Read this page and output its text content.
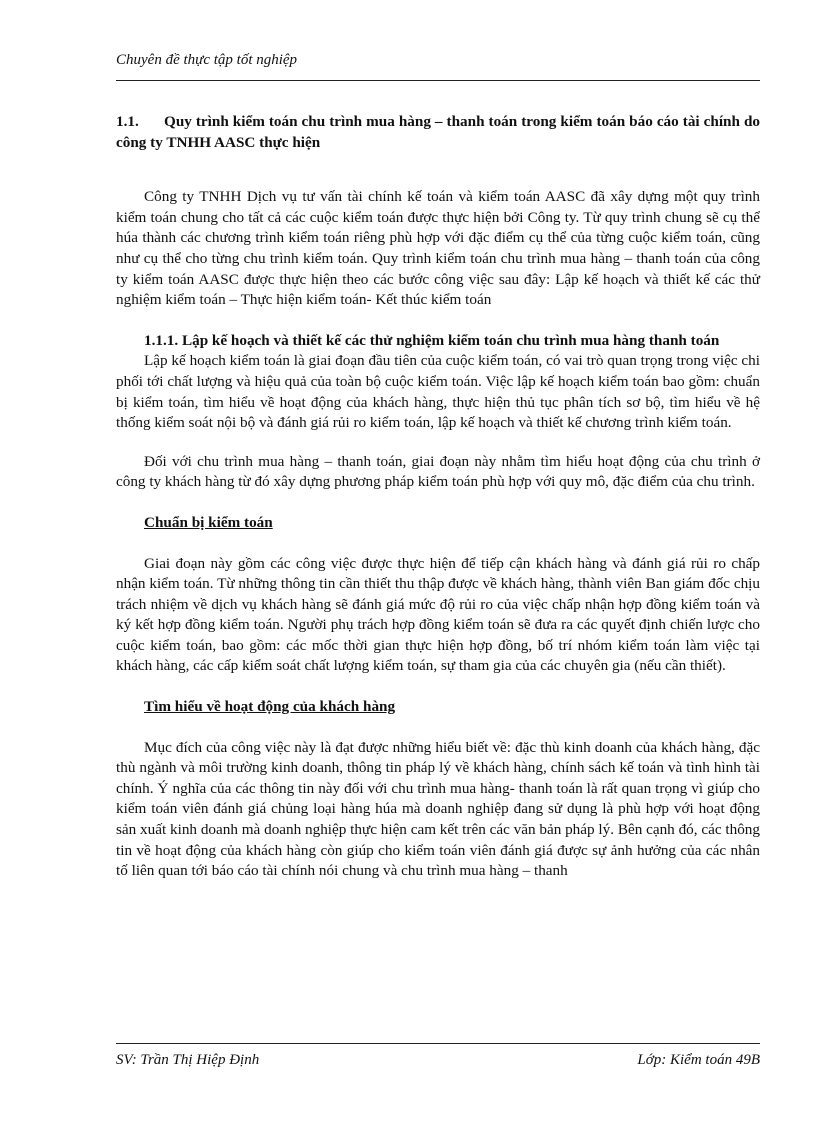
Chuyên đề thực tập tốt nghiệp

1.1. Quy trình kiểm toán chu trình mua hàng – thanh toán trong kiểm toán báo cáo tài chính do công ty TNHH AASC thực hiện

Công ty TNHH Dịch vụ tư vấn tài chính kế toán và kiểm toán AASC đã xây dựng một quy trình kiểm toán chung cho tất cả các cuộc kiểm toán được thực hiện bởi Công ty. Từ quy trình chung sẽ cụ thể húa thành các chương trình kiểm toán riêng phù hợp với đặc điểm cụ thể của từng cuộc kiểm toán, cũng như cụ thể cho từng chu trình kiểm toán. Quy trình kiểm toán chu trình mua hàng – thanh toán của công ty kiểm toán AASC được thực hiện theo các bước công việc sau đây: Lập kế hoạch và thiết kế các thử nghiệm kiểm toán – Thực hiện kiểm toán- Kết thúc kiểm toán

1.1.1. Lập kế hoạch và thiết kế các thử nghiệm kiểm toán chu trình mua hàng thanh toán

Lập kế hoạch kiểm toán là giai đoạn đầu tiên của cuộc kiểm toán, có vai trò quan trọng trong việc chi phối tới chất lượng và hiệu quả của toàn bộ cuộc kiểm toán. Việc lập kế hoạch kiểm toán bao gồm: chuẩn bị kiểm toán, tìm hiểu về hoạt động của khách hàng, thực hiện thủ tục phân tích sơ bộ, tìm hiểu về hệ thống kiểm soát nội bộ và đánh giá rủi ro kiểm toán, lập kế hoạch và thiết kế chương trình kiểm toán.

Đối với chu trình mua hàng – thanh toán, giai đoạn này nhằm tìm hiểu hoạt động của chu trình ở công ty khách hàng từ đó xây dựng phương pháp kiểm toán phù hợp với quy mô, đặc điểm của chu trình.

Chuẩn bị kiểm toán

Giai đoạn này gồm các công việc được thực hiện để tiếp cận khách hàng và đánh giá rủi ro chấp nhận kiểm toán. Từ những thông tin cần thiết thu thập được về khách hàng, thành viên Ban giám đốc chịu trách nhiệm về dịch vụ khách hàng sẽ đánh giá mức độ rủi ro của việc chấp nhận hợp đồng kiểm toán và ký kết hợp đồng kiểm toán. Người phụ trách hợp đồng kiểm toán sẽ đưa ra các quyết định chiến lược cho cuộc kiểm toán, bao gồm: các mốc thời gian thực hiện hợp đồng, bố trí nhóm kiểm toán làm việc tại khách hàng, các cấp kiểm soát chất lượng kiểm toán, sự tham gia của các chuyên gia (nếu cần thiết).

Tìm hiểu về hoạt động của khách hàng

Mục đích của công việc này là đạt được những hiểu biết về: đặc thù kinh doanh của khách hàng, đặc thù ngành và môi trường kinh doanh, thông tin pháp lý về khách hàng, chính sách kế toán và tình hình tài chính. Ý nghĩa của các thông tin này đối với chu trình mua hàng- thanh toán là rất quan trọng vì giúp cho kiểm toán viên đánh giá chủng loại hàng húa mà doanh nghiệp đang sử dụng là phù hợp với hoạt động sản xuất kinh doanh mà doanh nghiệp thực hiện cam kết trên các văn bản pháp lý. Bên cạnh đó, các thông tin về hoạt động của khách hàng còn giúp cho kiểm toán viên đánh giá được sự ảnh hưởng của các nhân tố liên quan tới báo cáo tài chính nói chung và chu trình mua hàng – thanh

SV: Trần Thị Hiệp Định	Lớp: Kiểm toán 49B
